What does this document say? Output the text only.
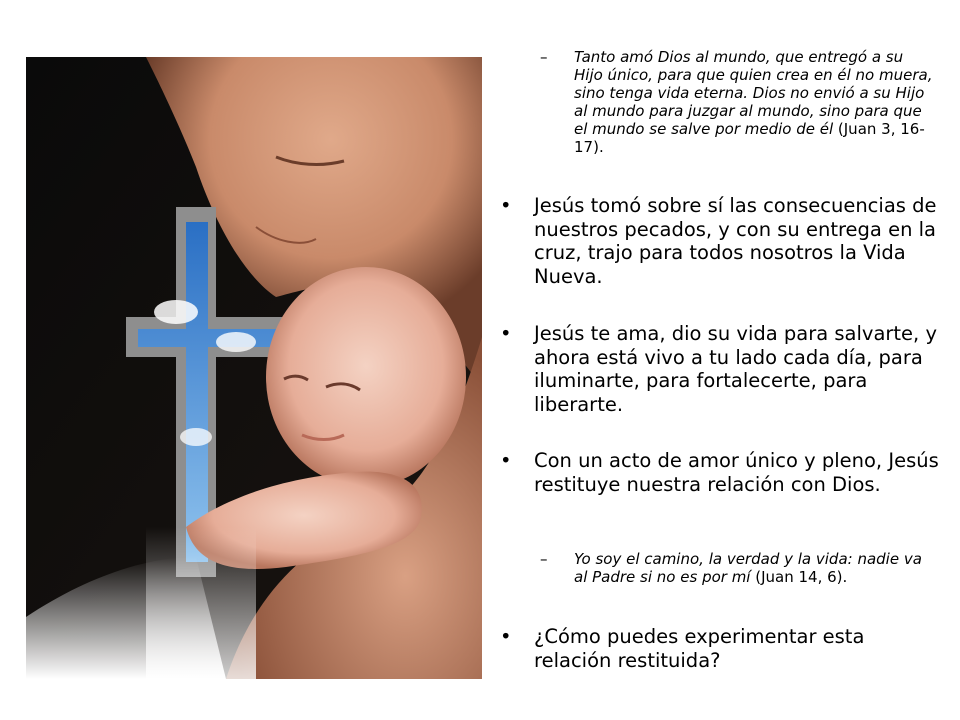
– Tanto amó Dios al mundo, que entregó a su Hijo único, para que quien crea en él no muera, sino tenga vida eterna. Dios no envió a su Hijo al mundo para juzgar al mundo, sino para que el mundo se salve por medio de él (Juan 3, 16-17).

• Jesús tomó sobre sí las consecuencias de nuestros pecados, y con su entrega en la cruz, trajo para todos nosotros la Vida Nueva.

• Jesús te ama, dio su vida para salvarte, y ahora está vivo a tu lado cada día, para iluminarte, para fortalecerte, para liberarte.

• Con un acto de amor único y pleno, Jesús restituye nuestra relación con Dios.

– Yo soy el camino, la verdad y la vida: nadie va al Padre si no es por mí (Juan 14, 6).

• ¿Cómo puedes experimentar esta relación restituida?
